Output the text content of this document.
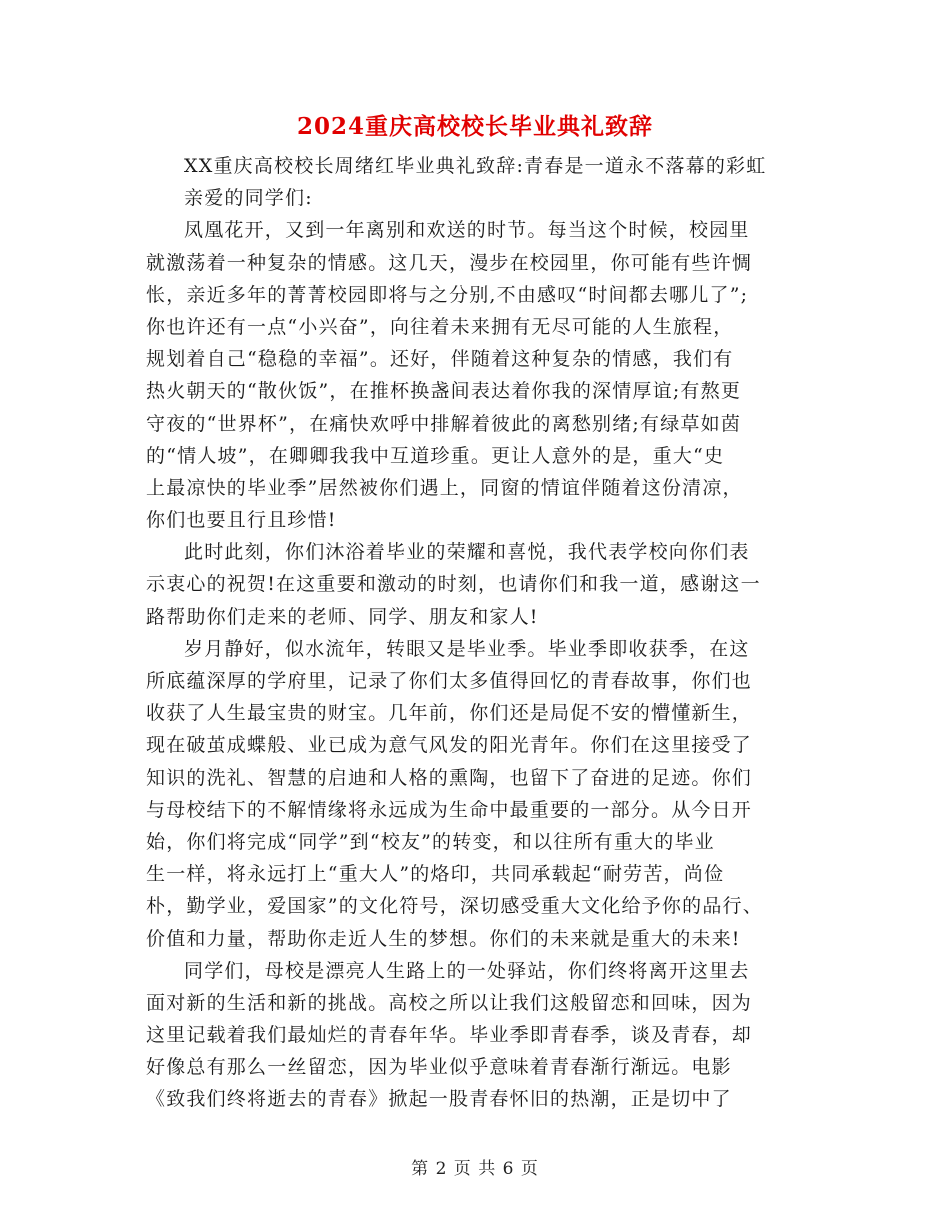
2024重庆高校校长毕业典礼致辞
XX重庆高校校长周绪红毕业典礼致辞:青春是一道永不落幕的彩虹
亲爱的同学们:
凤凰花开，又到一年离别和欢送的时节。每当这个时候，校园里
就激荡着一种复杂的情感。这几天，漫步在校园里，你可能有些许惆
怅，亲近多年的菁菁校园即将与之分别,不由感叹“时间都去哪儿了”;
你也许还有一点“小兴奋”，向往着未来拥有无尽可能的人生旅程，
规划着自己“稳稳的幸福”。还好，伴随着这种复杂的情感，我们有
热火朝天的“散伙饭”，在推杯换盏间表达着你我的深情厚谊;有熬更
守夜的“世界杯”，在痛快欢呼中排解着彼此的离愁别绪;有绿草如茵
的“情人坡”，在卿卿我我中互道珍重。更让人意外的是，重大“史
上最凉快的毕业季”居然被你们遇上，同窗的情谊伴随着这份清凉，
你们也要且行且珍惜!
此时此刻，你们沐浴着毕业的荣耀和喜悦，我代表学校向你们表
示衷心的祝贺!在这重要和激动的时刻，也请你们和我一道，感谢这一
路帮助你们走来的老师、同学、朋友和家人!
岁月静好，似水流年，转眼又是毕业季。毕业季即收获季，在这
所底蕴深厚的学府里，记录了你们太多值得回忆的青春故事，你们也
收获了人生最宝贵的财宝。几年前，你们还是局促不安的懵懂新生，
现在破茧成蝶般、业已成为意气风发的阳光青年。你们在这里接受了
知识的洗礼、智慧的启迪和人格的熏陶，也留下了奋进的足迹。你们
与母校结下的不解情缘将永远成为生命中最重要的一部分。从今日开
始，你们将完成“同学”到“校友”的转变，和以往所有重大的毕业
生一样，将永远打上“重大人”的烙印，共同承载起“耐劳苦，尚俭
朴，勤学业，爱国家”的文化符号，深切感受重大文化给予你的品行、
价值和力量，帮助你走近人生的梦想。你们的未来就是重大的未来!
同学们，母校是漂亮人生路上的一处驿站，你们终将离开这里去
面对新的生活和新的挑战。高校之所以让我们这般留恋和回味，因为
这里记载着我们最灿烂的青春年华。毕业季即青春季，谈及青春，却
好像总有那么一丝留恋，因为毕业似乎意味着青春渐行渐远。电影
《致我们终将逝去的青春》掀起一股青春怀旧的热潮，正是切中了
第 2 页 共 6 页
